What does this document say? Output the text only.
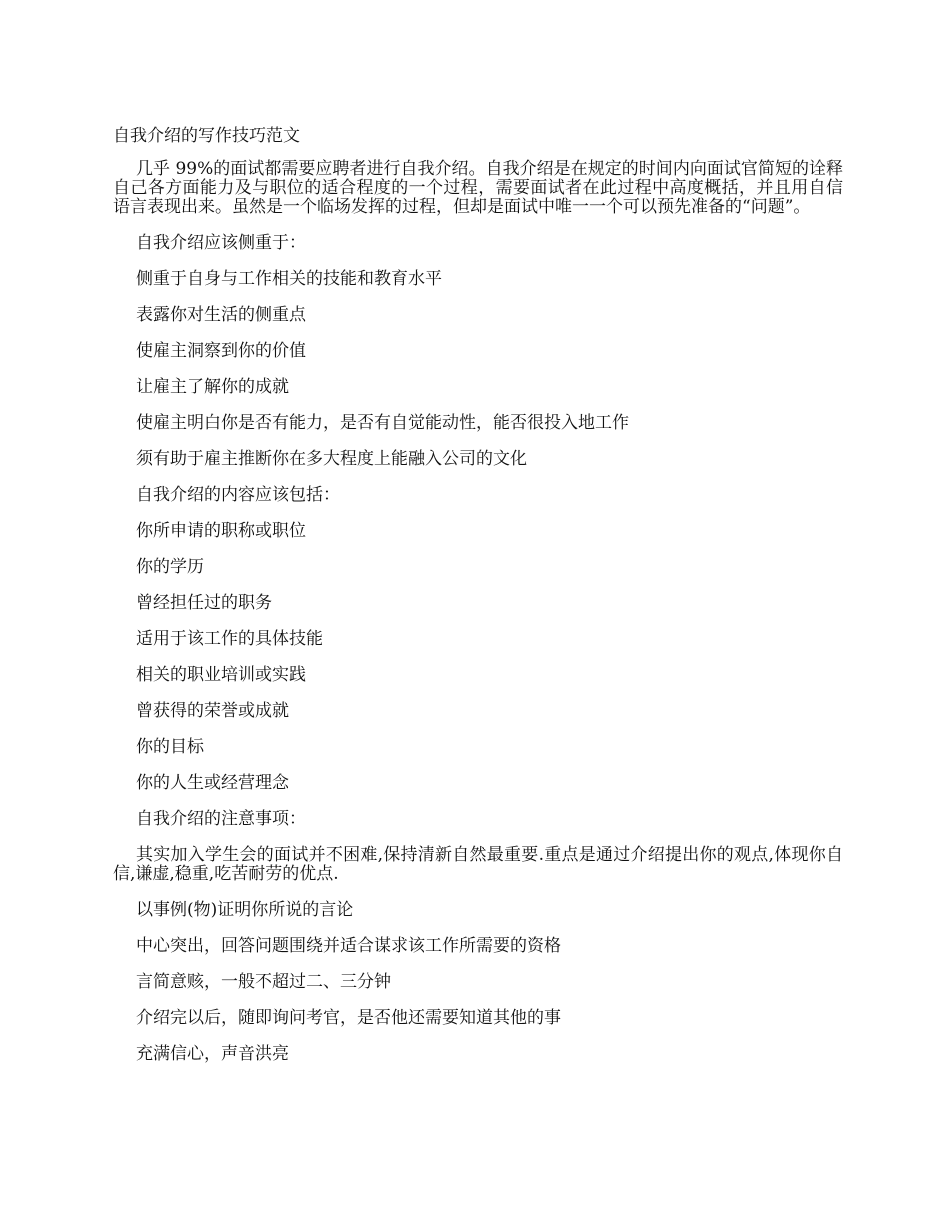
自我介绍的写作技巧范文
几乎 99%的面试都需要应聘者进行自我介绍。自我介绍是在规定的时间内向面试官简短的诠释自己各方面能力及与职位的适合程度的一个过程，需要面试者在此过程中高度概括，并且用自信语言表现出来。虽然是一个临场发挥的过程，但却是面试中唯一一个可以预先准备的“问题”。
自我介绍应该侧重于：
侧重于自身与工作相关的技能和教育水平
表露你对生活的侧重点
使雇主洞察到你的价值
让雇主了解你的成就
使雇主明白你是否有能力，是否有自觉能动性，能否很投入地工作
须有助于雇主推断你在多大程度上能融入公司的文化
自我介绍的内容应该包括：
你所申请的职称或职位
你的学历
曾经担任过的职务
适用于该工作的具体技能
相关的职业培训或实践
曾获得的荣誉或成就
你的目标
你的人生或经营理念
自我介绍的注意事项：
其实加入学生会的面试并不困难,保持清新自然最重要.重点是通过介绍提出你的观点,体现你自信,谦虚,稳重,吃苦耐劳的优点.
以事例(物)证明你所说的言论
中心突出，回答问题围绕并适合谋求该工作所需要的资格
言简意赅，一般不超过二、三分钟
介绍完以后，随即询问考官，是否他还需要知道其他的事
充满信心，声音洪亮
